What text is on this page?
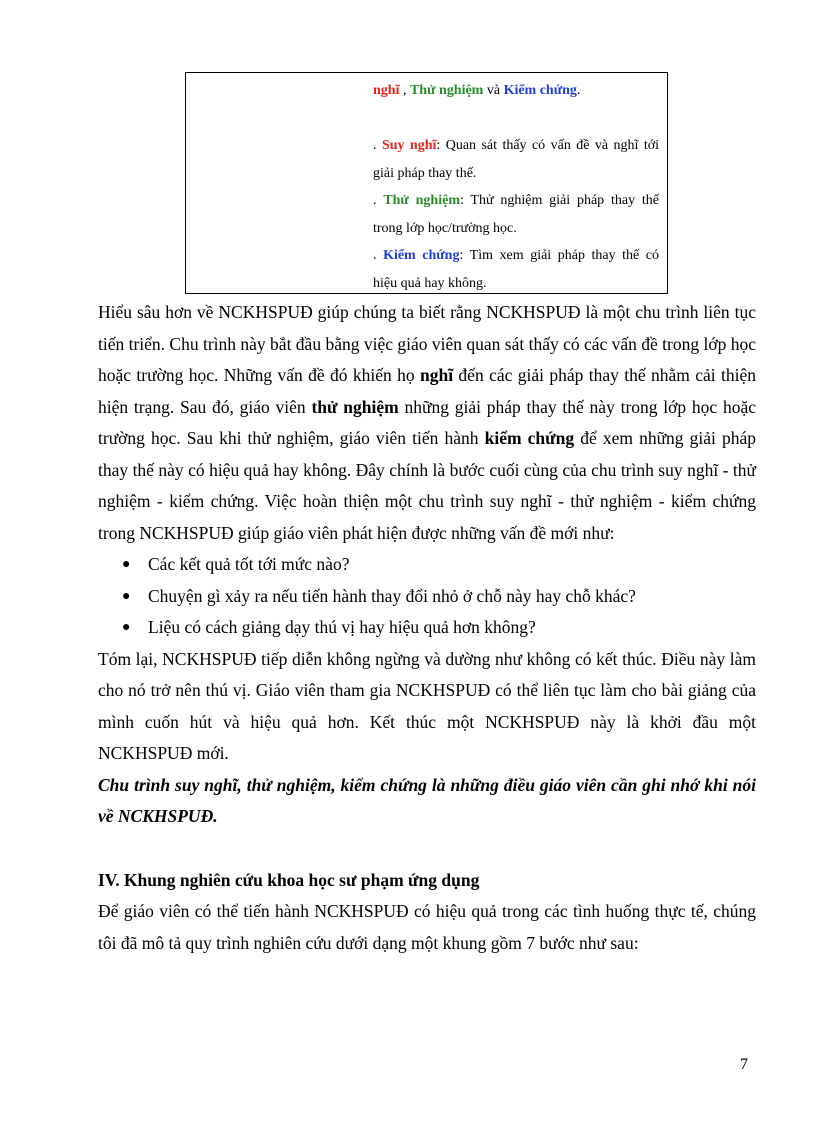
nghĩ , Thử nghiệm và Kiểm chứng.

. Suy nghĩ: Quan sát thấy có vấn đề và nghĩ tới giải pháp thay thế.

. Thử nghiệm: Thử nghiệm giải pháp thay thế trong lớp học/trường học.

. Kiểm chứng: Tìm xem giải pháp thay thế có hiệu quả hay không.

Hiểu sâu hơn về NCKHSPUĐ giúp chúng ta biết rằng NCKHSPUĐ là một chu trình liên tục tiến triển. Chu trình này bắt đầu bằng việc giáo viên quan sát thấy có các vấn đề trong lớp học hoặc trường học. Những vấn đề đó khiến họ nghĩ đến các giải pháp thay thế nhằm cải thiện hiện trạng. Sau đó, giáo viên thử nghiệm những giải pháp thay thế này trong lớp học hoặc trường học. Sau khi thử nghiệm, giáo viên tiến hành kiểm chứng để xem những giải pháp thay thế này có hiệu quả hay không. Đây chính là bước cuối cùng của chu trình suy nghĩ - thử nghiệm - kiểm chứng. Việc hoàn thiện một chu trình suy nghĩ - thử nghiệm - kiểm chứng trong NCKHSPUĐ giúp giáo viên phát hiện được những vấn đề mới như:

● Các kết quả tốt tới mức nào?
● Chuyện gì xảy ra nếu tiến hành thay đổi nhỏ ở chỗ này hay chỗ khác?
● Liệu có cách giảng dạy thú vị hay hiệu quả hơn không?

Tóm lại, NCKHSPUĐ tiếp diễn không ngừng và dường như không có kết thúc. Điều này làm cho nó trở nên thú vị. Giáo viên tham gia NCKHSPUĐ có thể liên tục làm cho bài giảng của mình cuốn hút và hiệu quả hơn. Kết thúc một NCKHSPUĐ này là khởi đầu một NCKHSPUĐ mới.

Chu trình suy nghĩ, thử nghiệm, kiểm chứng là những điều giáo viên cần ghi nhớ khi nói về NCKHSPUĐ.

IV. Khung nghiên cứu khoa học sư phạm ứng dụng

Để giáo viên có thể tiến hành NCKHSPUĐ có hiệu quả trong các tình huống thực tế, chúng tôi đã mô tả quy trình nghiên cứu dưới dạng một khung gồm 7 bước như sau:

7
